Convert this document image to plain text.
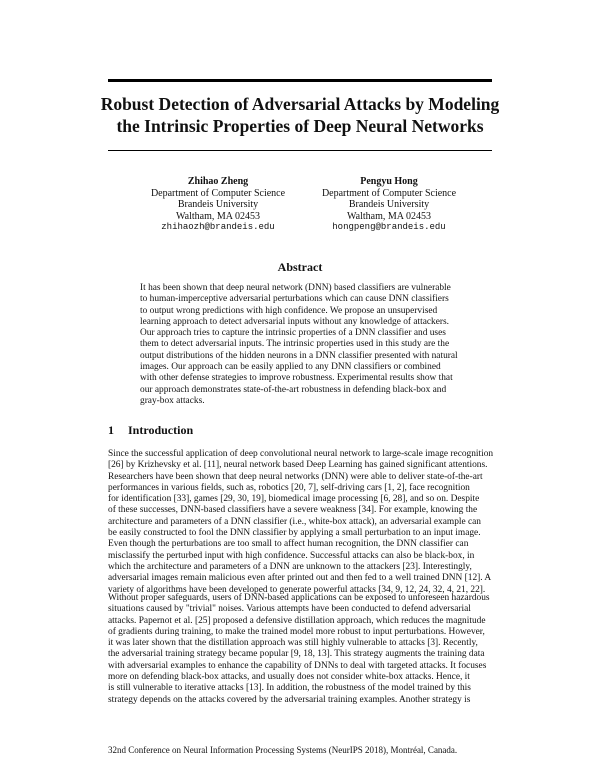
Robust Detection of Adversarial Attacks by Modeling
the Intrinsic Properties of Deep Neural Networks
Zhihao Zheng
Department of Computer Science
Brandeis University
Waltham, MA 02453
zhihaozh@brandeis.edu
Pengyu Hong
Department of Computer Science
Brandeis University
Waltham, MA 02453
hongpeng@brandeis.edu
Abstract
It has been shown that deep neural network (DNN) based classifiers are vulnerable
to human-imperceptive adversarial perturbations which can cause DNN classifiers
to output wrong predictions with high confidence. We propose an unsupervised
learning approach to detect adversarial inputs without any knowledge of attackers.
Our approach tries to capture the intrinsic properties of a DNN classifier and uses
them to detect adversarial inputs. The intrinsic properties used in this study are the
output distributions of the hidden neurons in a DNN classifier presented with natural
images. Our approach can be easily applied to any DNN classifiers or combined
with other defense strategies to improve robustness. Experimental results show that
our approach demonstrates state-of-the-art robustness in defending black-box and
gray-box attacks.
1 Introduction
Since the successful application of deep convolutional neural network to large-scale image recognition
[26] by Krizhevsky et al. [11], neural network based Deep Learning has gained significant attentions.
Researchers have been shown that deep neural networks (DNN) were able to deliver state-of-the-art
performances in various fields, such as, robotics [20, 7], self-driving cars [1, 2], face recognition
for identification [33], games [29, 30, 19], biomedical image processing [6, 28], and so on. Despite
of these successes, DNN-based classifiers have a severe weakness [34]. For example, knowing the
architecture and parameters of a DNN classifier (i.e., white-box attack), an adversarial example can
be easily constructed to fool the DNN classifier by applying a small perturbation to an input image.
Even though the perturbations are too small to affect human recognition, the DNN classifier can
misclassify the perturbed input with high confidence. Successful attacks can also be black-box, in
which the architecture and parameters of a DNN are unknown to the attackers [23]. Interestingly,
adversarial images remain malicious even after printed out and then fed to a well trained DNN [12]. A
variety of algorithms have been developed to generate powerful attacks [34, 9, 12, 24, 32, 4, 21, 22].
Without proper safeguards, users of DNN-based applications can be exposed to unforeseen hazardous
situations caused by "trivial" noises. Various attempts have been conducted to defend adversarial
attacks. Papernot et al. [25] proposed a defensive distillation approach, which reduces the magnitude
of gradients during training, to make the trained model more robust to input perturbations. However,
it was later shown that the distillation approach was still highly vulnerable to attacks [3]. Recently,
the adversarial training strategy became popular [9, 18, 13]. This strategy augments the training data
with adversarial examples to enhance the capability of DNNs to deal with targeted attacks. It focuses
more on defending black-box attacks, and usually does not consider white-box attacks. Hence, it
is still vulnerable to iterative attacks [13]. In addition, the robustness of the model trained by this
strategy depends on the attacks covered by the adversarial training examples. Another strategy is
32nd Conference on Neural Information Processing Systems (NeurIPS 2018), Montréal, Canada.
